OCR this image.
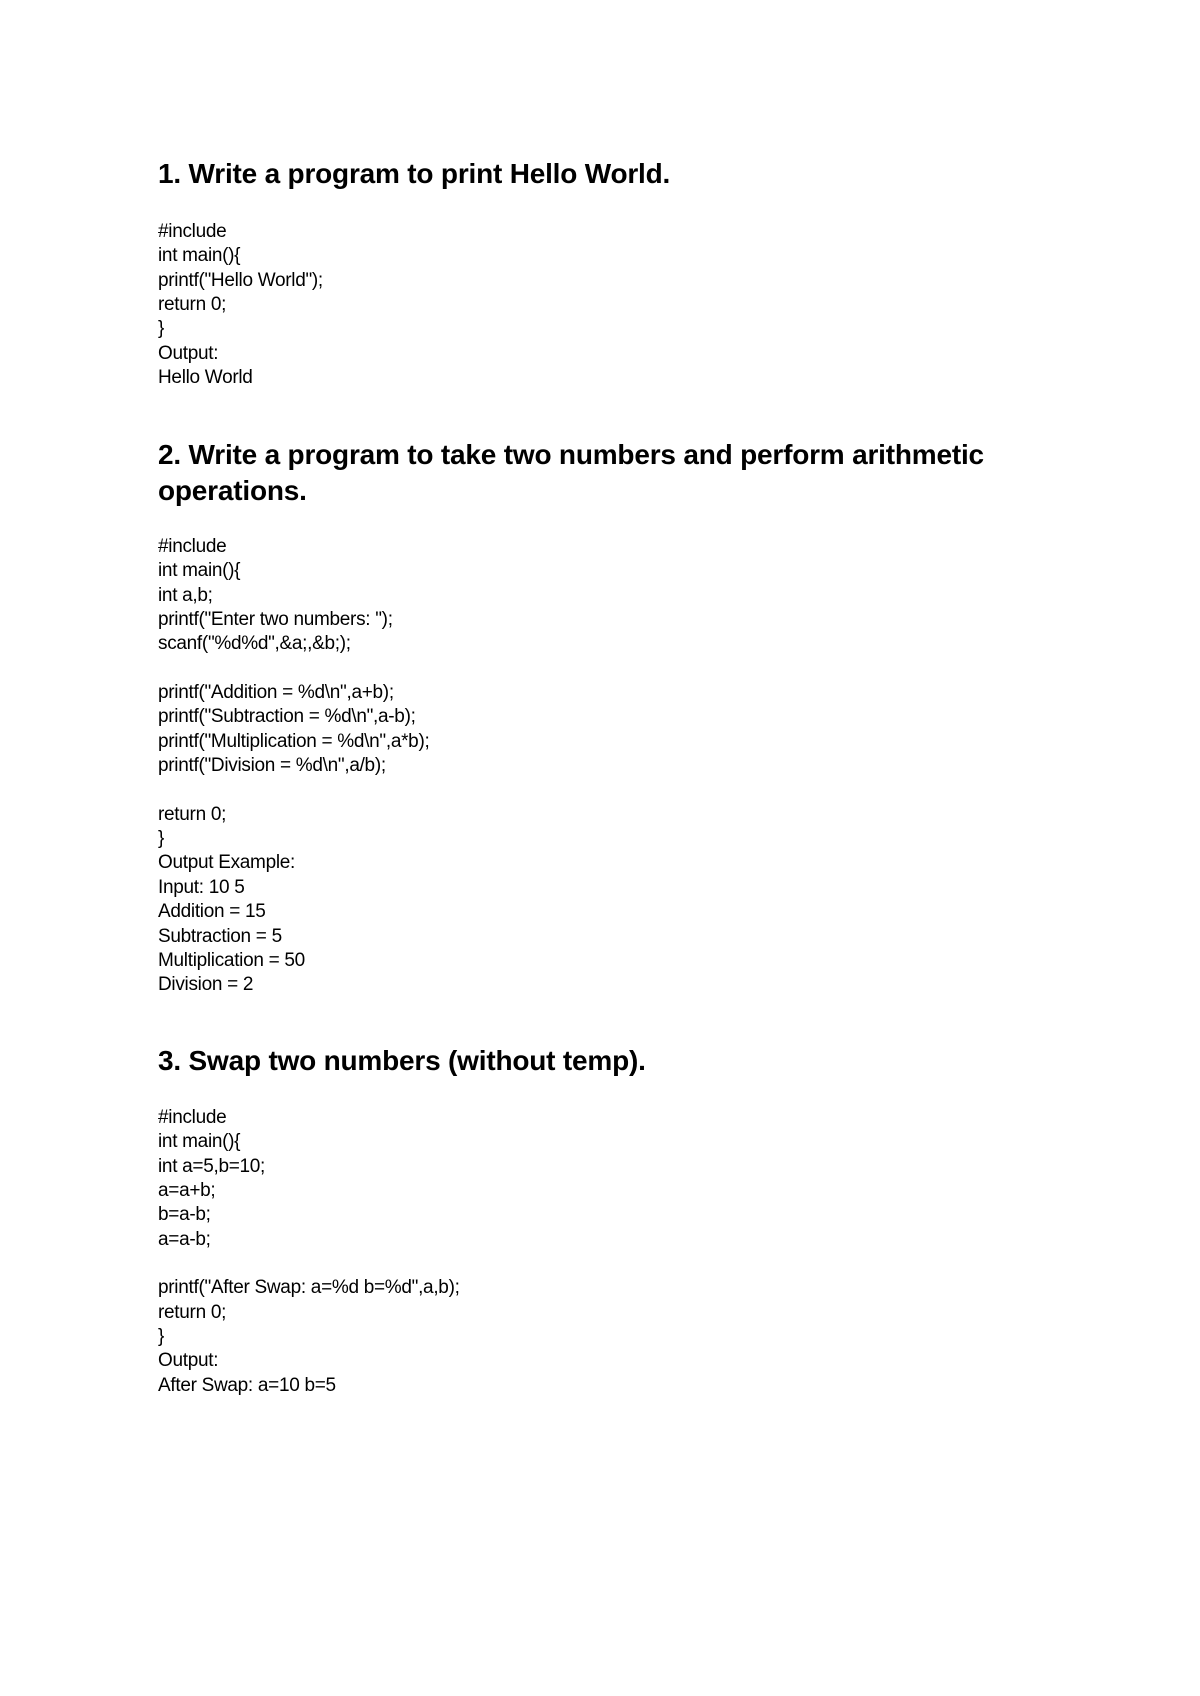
1. Write a program to print Hello World.
#include
int main(){
printf("Hello World");
return 0;
}
Output:
Hello World
2. Write a program to take two numbers and perform arithmetic operations.
#include
int main(){
int a,b;
printf("Enter two numbers: ");
scanf("%d%d",&a;,&b;);
printf("Addition = %d\n",a+b);
printf("Subtraction = %d\n",a-b);
printf("Multiplication = %d\n",a*b);
printf("Division = %d\n",a/b);
return 0;
}
Output Example:
Input: 10 5
Addition = 15
Subtraction = 5
Multiplication = 50
Division = 2
3. Swap two numbers (without temp).
#include
int main(){
int a=5,b=10;
a=a+b;
b=a-b;
a=a-b;
printf("After Swap: a=%d b=%d",a,b);
return 0;
}
Output:
After Swap: a=10 b=5
